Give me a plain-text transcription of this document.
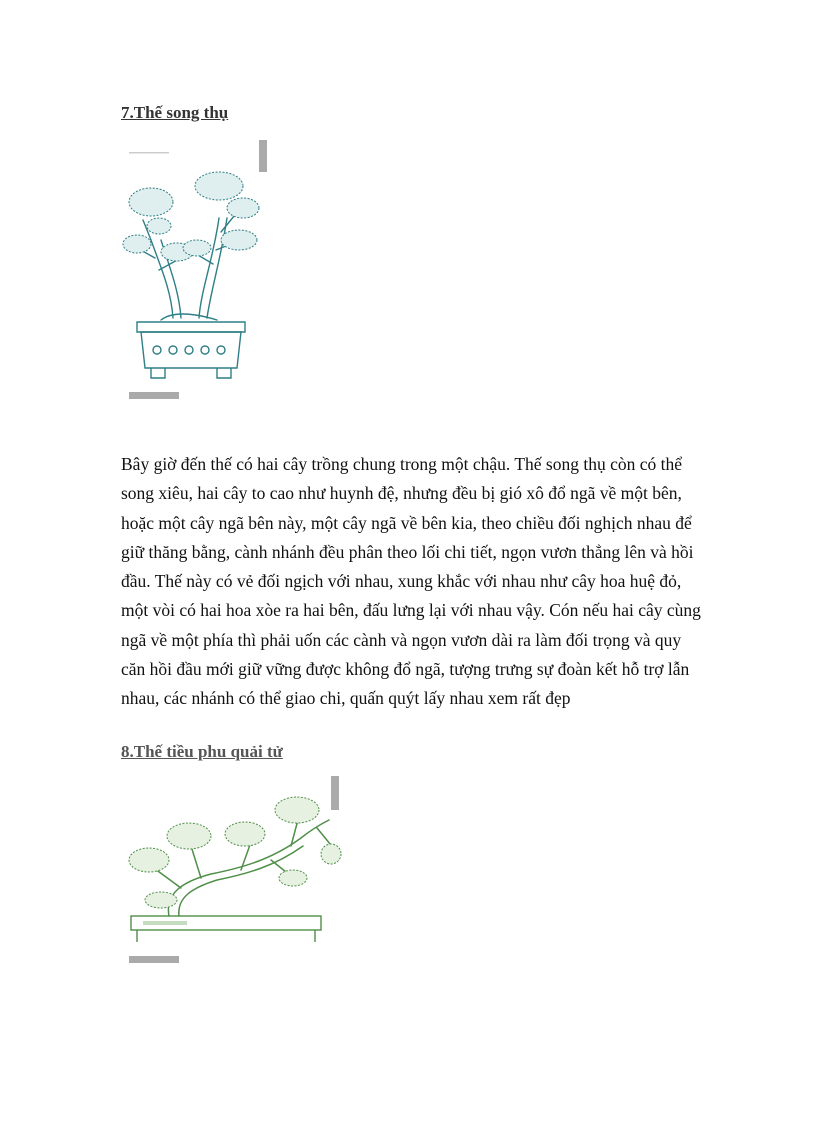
7.Thế song thụ

Bây giờ đến thế có hai cây trồng chung trong một chậu. Thế song thụ còn có thể
song xiêu, hai cây to cao như huynh đệ, nhưng đều bị gió xô đổ ngã về một bên,
hoặc một cây ngã bên này, một cây ngã về bên kia, theo chiều đối nghịch nhau để
giữ thăng bằng, cành nhánh đều phân theo lối chi tiết, ngọn vươn thẳng lên và hồi
đầu. Thế này có vẻ đối ngịch với nhau, xung khắc với nhau như cây hoa huệ đỏ,
một vòi có hai hoa xòe ra hai bên, đấu lưng lại với nhau vậy. Cón nếu hai cây cùng
ngã về một phía thì phải uốn các cành và ngọn vươn dài ra làm đối trọng và quy
căn hồi đầu mới giữ vững được không đổ ngã, tượng trưng sự đoàn kết hỗ trợ lẫn
nhau, các nhánh có thể giao chi, quấn quýt lấy nhau xem rất đẹp

8.Thế tiều phu quải tử
